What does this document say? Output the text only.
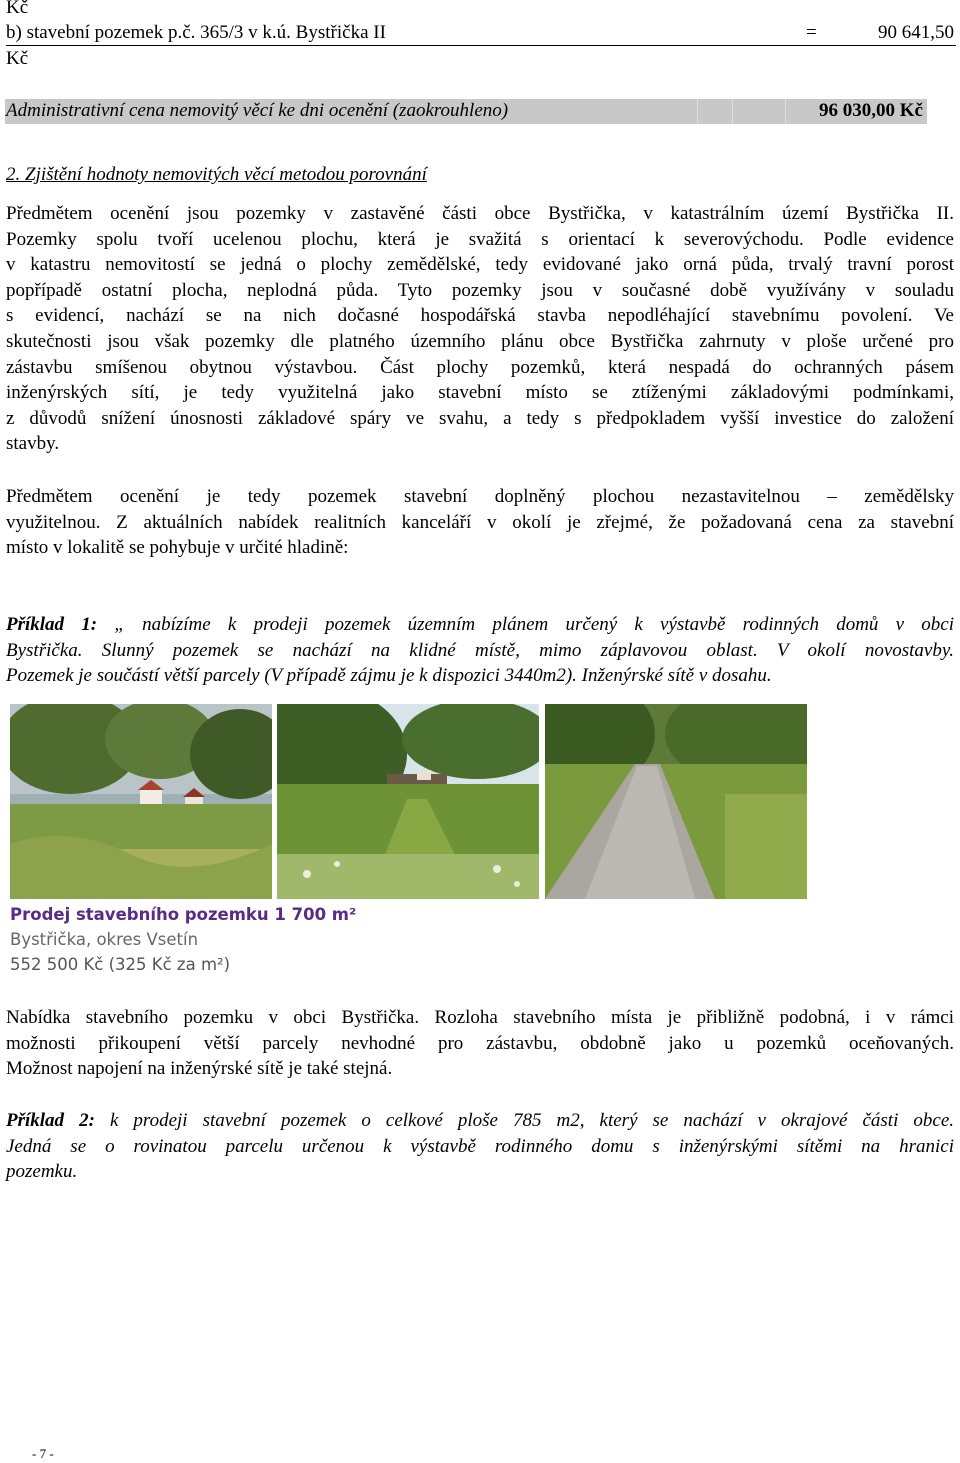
Kč
b) stavební pozemek p.č. 365/3 v k.ú. Bystřička II	=	90 641,50
Kč
Administrativní cena nemovitý věcí ke dni ocenění (zaokrouhleno)	96 030,00 Kč
2. Zjištění hodnoty nemovitých věcí metodou porovnání
Předmětem ocenění jsou pozemky v zastavěné části obce Bystřička, v katastrálním území Bystřička II.
Pozemky spolu tvoří ucelenou plochu, která je svažitá s orientací k severovýchodu. Podle evidence
v katastru nemovitostí se jedná o plochy zemědělské, tedy evidované jako orná půda, trvalý travní porost
popřípadě ostatní plocha, neplodná půda. Tyto pozemky jsou v současné době využívány v souladu
s evidencí, nachází se na nich dočasné hospodářská stavba nepodléhající stavebnímu povolení. Ve
skutečnosti jsou však pozemky dle platného územního plánu obce Bystřička zahrnuty v ploše určené pro
zástavbu smíšenou obytnou výstavbou. Část plochy pozemků, která nespadá do ochranných pásem
inženýrských sítí, je tedy využitelná jako stavební místo se ztíženými základovými podmínkami,
z důvodů snížení únosnosti základové spáry ve svahu, a tedy s předpokladem vyšší investice do založení
stavby.
Předmětem ocenění je tedy pozemek stavební doplněný plochou nezastavitelnou – zemědělsky
využitelnou. Z aktuálních nabídek realitních kanceláří v okolí je zřejmé, že požadovaná cena za stavební
místo v lokalitě se pohybuje v určité hladině:
Příklad 1: „ nabízíme k prodeji pozemek územním plánem určený k výstavbě rodinných domů v obci
Bystřička. Slunný pozemek se nachází na klidné místě, mimo záplavovou oblast. V okolí novostavby.
Pozemek je součástí větší parcely (V případě zájmu je k dispozici 3440m2). Inženýrské sítě v dosahu.
Prodej stavebního pozemku 1 700 m²
Bystřička, okres Vsetín
552 500 Kč (325 Kč za m²)
Nabídka stavebního pozemku v obci Bystřička. Rozloha stavebního místa je přibližně podobná, i v rámci
možnosti přikoupení větší parcely nevhodné pro zástavbu, obdobně jako u pozemků oceňovaných.
Možnost napojení na inženýrské sítě je také stejná.
Příklad 2: k prodeji stavební pozemek o celkové ploše 785 m2, který se nachází v okrajové části obce.
Jedná se o rovinatou parcelu určenou k výstavbě rodinného domu s inženýrskými sítěmi na hranici
pozemku.
- 7 -
